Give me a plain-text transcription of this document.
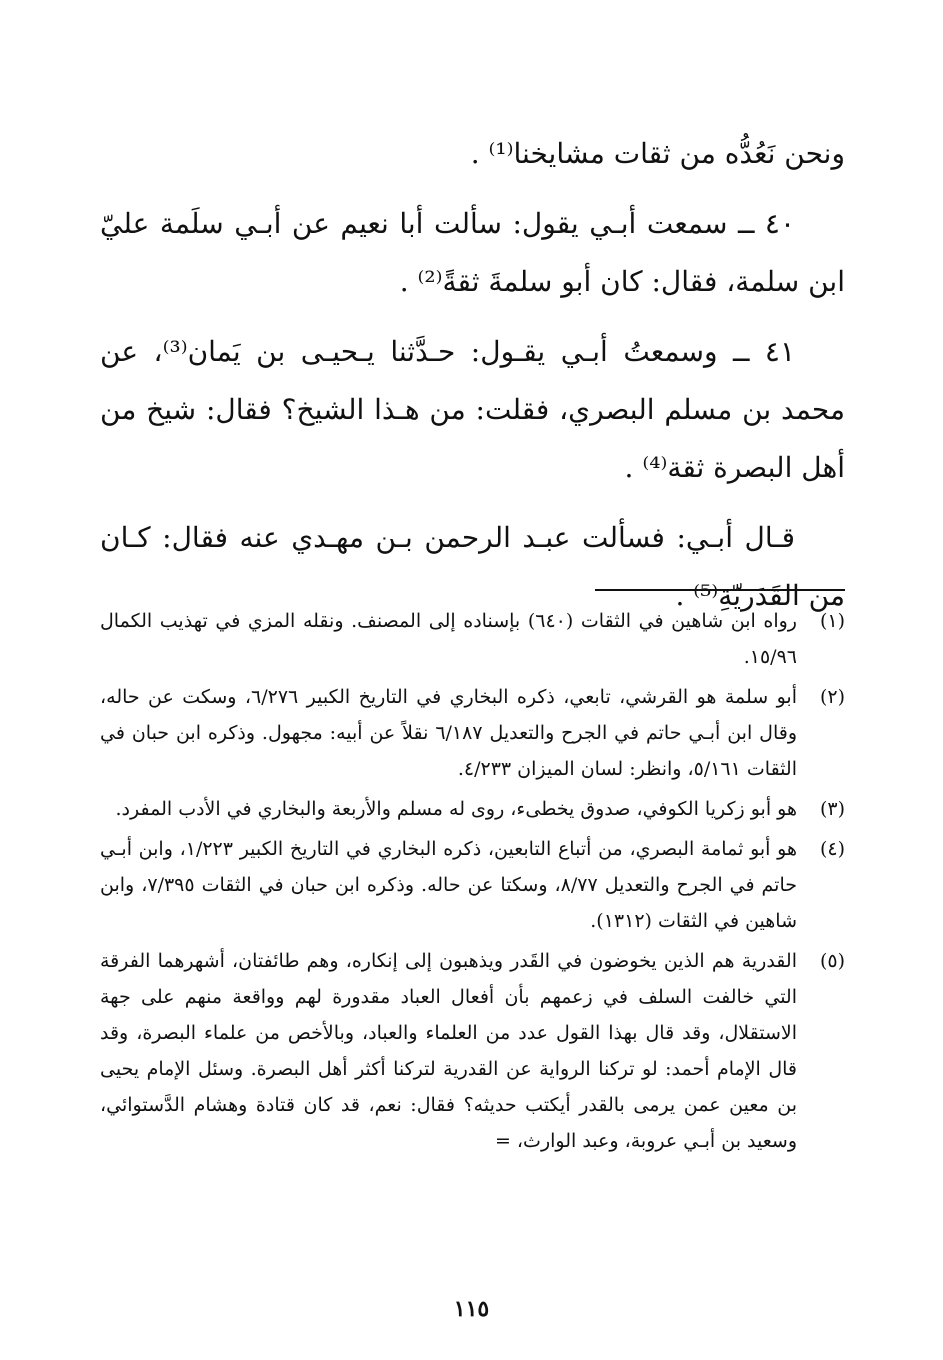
ونحن نَعُدُّه من ثقات مشايخنا⁽¹⁾ .

٤٠ ــ سمعت أبـي يقول: سألت أبا نعيم عن أبـي سلَمة عليّ ابن سلمة، فقال: كان أبو سلمةَ ثقةً⁽²⁾ .

٤١ ــ وسمعتُ أبـي يقـول: حـدَّثنا يـحيـى بن يَمان⁽³⁾، عن محمد بن مسلم البصري، فقلت: من هـذا الشيخ؟ فقال: شيخ من أهل البصرة ثقة⁽⁴⁾ .

قـال أبـي: فسألت عبـد الرحمن بـن مهـدي عنه فقال: كـان من القَدَريّةِ⁽⁵⁾ .

(١)
رواه ابن شاهين في الثقات (٦٤٠) بإسناده إلى المصنف. ونقله المزي في تهذيب الكمال ١٥/٩٦.
(٢)
أبو سلمة هو القرشي، تابعي، ذكره البخاري في التاريخ الكبير ٦/٢٧٦، وسكت عن حاله، وقال ابن أبـي حاتم في الجرح والتعديل ٦/١٨٧ نقلاً عن أبيه: مجهول. وذكره ابن حبان في الثقات ٥/١٦١، وانظر: لسان الميزان ٤/٢٣٣.
(٣)
هو أبو زكريا الكوفي، صدوق يخطىء، روى له مسلم والأربعة والبخاري في الأدب المفرد.
(٤)
هو أبو ثمامة البصري، من أتباع التابعين، ذكره البخاري في التاريخ الكبير ١/٢٢٣، وابن أبـي حاتم في الجرح والتعديل ٨/٧٧، وسكتا عن حاله. وذكره ابن حبان في الثقات ٧/٣٩٥، وابن شاهين في الثقات (١٣١٢).
(٥)
القدرية هم الذين يخوضون في القَدر ويذهبون إلى إنكاره، وهم طائفتان، أشهرهما الفرقة التي خالفت السلف في زعمهم بأن أفعال العباد مقدورة لهم وواقعة منهم على جهة الاستقلال، وقد قال بهذا القول عدد من العلماء والعباد، وبالأخص من علماء البصرة، وقد قال الإمام أحمد: لو تركنا الرواية عن القدرية لتركنا أكثر أهل البصرة. وسئل الإمام يحيى بن معين عمن يرمى بالقدر أيكتب حديثه؟ فقال: نعم، قد كان قتادة وهشام الدَّستوائي، وسعيد بن أبـي عروبة، وعبد الوارث، =
١١٥
